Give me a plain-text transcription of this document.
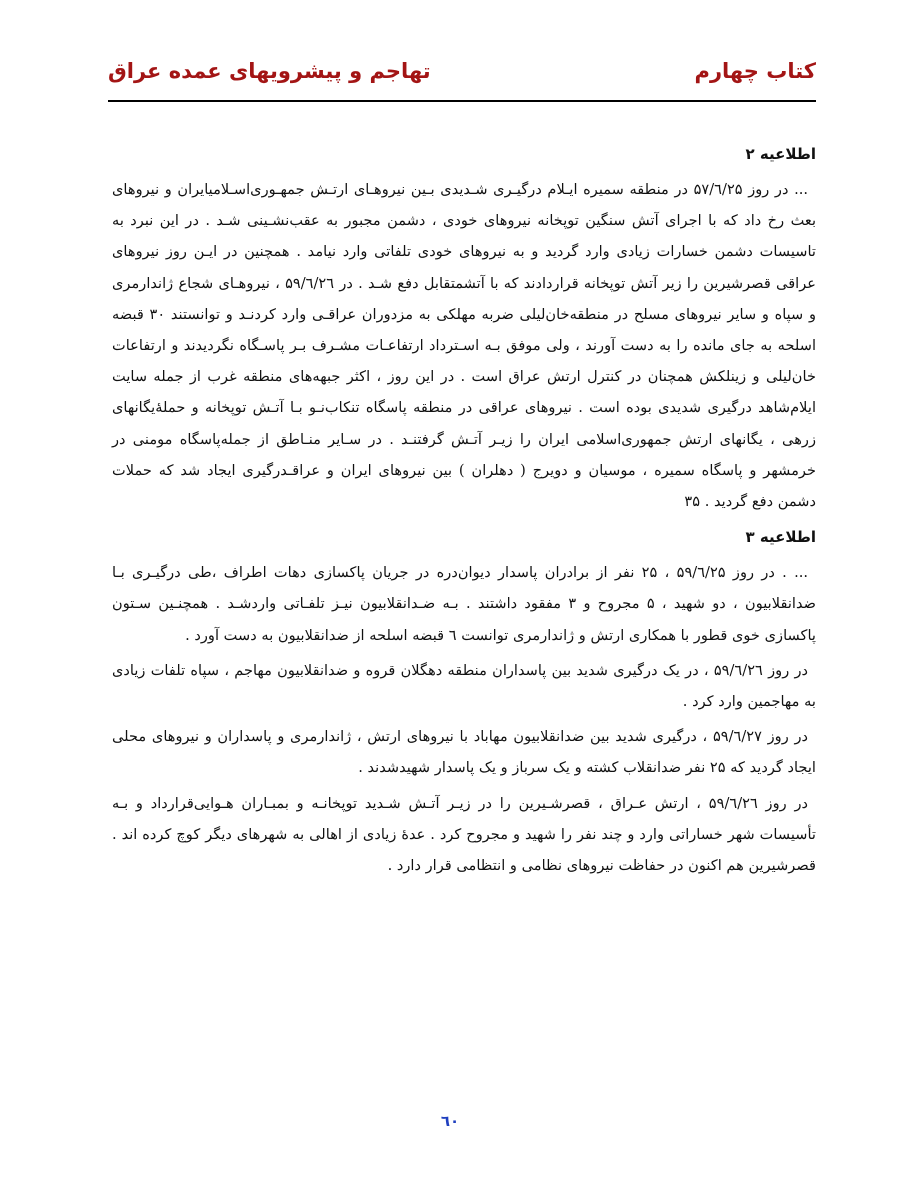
تهاجم و پیشرویهای عمده عراق	کتاب چهارم
اطلاعیه ۲

... در روز ۵۷/٦/۲۵ در منطقه سمیره ایـلام درگیـری شـدیدی بـین نیروهـای ارتـش جمهـوری‌اسـلامیایران و نیروهای بعث رخ داد که با اجرای آتش سنگین توپخانه نیروهای خودی ، دشمن مجبور به عقب‌نشـینی شـد . در این نبرد به تاسیسات دشمن خسارات زیادی وارد گردید و به نیروهای خودی تلفاتی وارد نیامد . همچنین در ایـن روز نیروهای عراقی قصرشیرین را زیر آتش توپخانه قراردادند که با آتشمتقابل دفع شـد . در ۵۹/٦/۲٦ ، نیروهـای شجاع ژاندارمری و سپاه و سایر نیروهای مسلح در منطقه‌خان‌لیلی ضربه مهلکی به مزدوران عراقـی وارد کردنـد و توانستند ۳۰ قبضه اسلحه به جای مانده را به دست آورند ، ولی موفق بـه اسـترداد ارتفاعـات مشـرف بـر پاسـگاه نگردیدند و ارتفاعات خان‌لیلی و زینلکش همچنان در کنترل ارتش عراق است . در این روز ، اکثر جبهه‌های منطقه غرب از جمله سایت ایلام‌شاهد درگیری شدیدی بوده است . نیروهای عراقی در منطقه پاسگاه تنکاب‌نـو بـا آتـش توپخانه و حمله‌ٔیگانهای زرهی ، یگانهای ارتش جمهوری‌اسلامی ایران را زیـر آتـش گرفتنـد . در سـایر منـاطق از جمله‌پاسگاه مومنی در خرمشهر و پاسگاه سمیره ، موسیان و دویرج ( دهلران ) بین نیروهای ایران و عراقـدرگیری ایجاد شد که حملات دشمن دفع گردید . ۳۵

اطلاعیه ۳

... . در روز ۵۹/٦/۲۵ ، ۲۵ نفر از برادران پاسدار دیوان‌دره در جریان پاکسازی دهات اطراف ،طی درگیـری بـا ضدانقلابیون ، دو شهید ، ۵ مجروح و ۳ مفقود داشتند . بـه ضـدانقلابیون نیـز تلفـاتی واردشـد . همچنـین سـتون پاکسازی خوی قطور با همکاری ارتش و ژاندارمری توانست ٦ قبضه اسلحه از ضدانقلابیون به دست آورد .

در روز ۵۹/٦/۲٦ ، در یک درگیری شدید بین پاسداران منطقه دهگلان قروه و ضدانقلابیون مهاجم ، سپاه تلفات زیادی به مهاجمین وارد کرد .

در روز ۵۹/٦/۲۷ ، درگیری شدید بین ضدانقلابیون مهاباد با نیروهای ارتش ، ژاندارمری و پاسداران و نیروهای محلی ایجاد گردید که ۲۵ نفر ضدانقلاب کشته و یک سرباز و یک پاسدار شهیدشدند .

در روز ۵۹/٦/۲٦ ، ارتش عـراق ، قصرشـیرین را در زیـر آتـش شـدید توپخانـه و بمبـاران هـوایی‌قرارداد و بـه تأسیسات شهر خساراتی وارد و چند نفر را شهید و مجروح کرد . عدۀ زیادی از اهالی به شهرهای دیگر کوچ کرده اند . قصرشیرین هم اکنون در حفاظت نیروهای نظامی و انتظامی قرار دارد .

٦۰
